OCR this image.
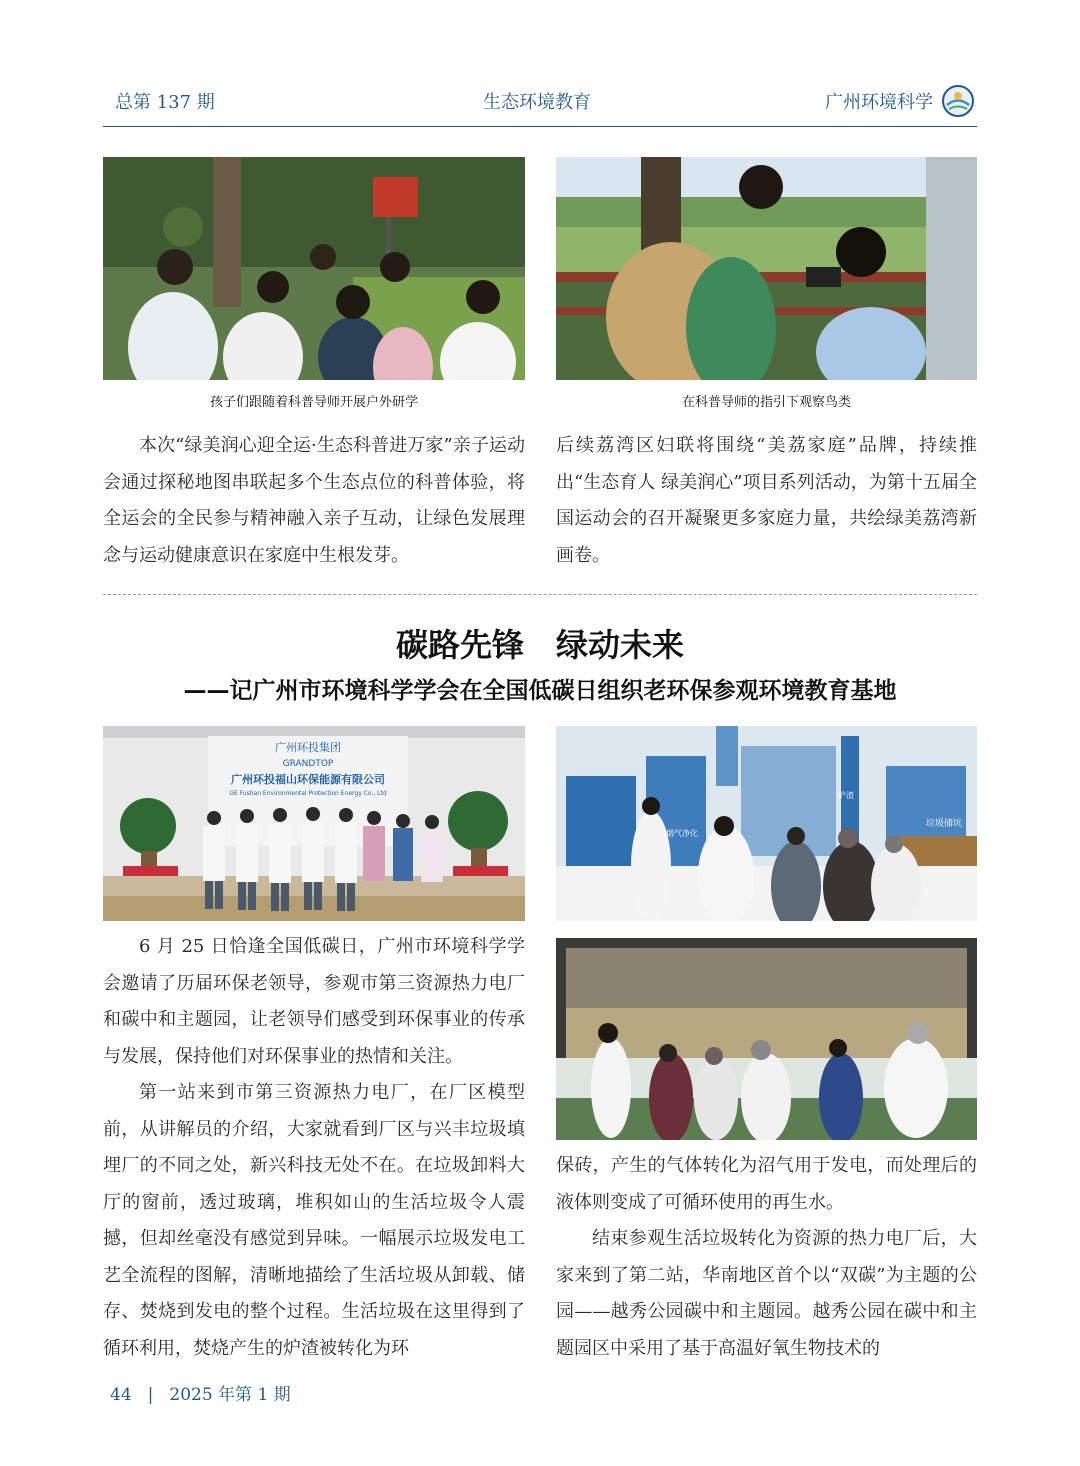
总第 137 期	生态环境教育	广州环境科学
孩子们跟随着科普导师开展户外研学	在科普导师的指引下观察鸟类

本次“绿美润心迎全运·生态科普进万家”亲子运动会通过探秘地图串联起多个生态点位的科普体验，将全运会的全民参与精神融入亲子互动，让绿色发展理念与运动健康意识在家庭中生根发芽。

后续荔湾区妇联将围绕“美荔家庭”品牌，持续推出“生态育人 绿美润心”项目系列活动，为第十五届全国运动会的召开凝聚更多家庭力量，共绘绿美荔湾新画卷。

碳路先锋　绿动未来
——记广州市环境科学学会在全国低碳日组织老环保参观环境教育基地
广州环投集团
GRANDTOP
广州环投福山环保能源有限公司
GE Fushan Environmental Protection Energy Co., Ltd
烟气净化
垃圾储坑
炉渣

6 月 25 日恰逢全国低碳日，广州市环境科学学会邀请了历届环保老领导，参观市第三资源热力电厂和碳中和主题园，让老领导们感受到环保事业的传承与发展，保持他们对环保事业的热情和关注。

第一站来到市第三资源热力电厂，在厂区模型前，从讲解员的介绍，大家就看到厂区与兴丰垃圾填埋厂的不同之处，新兴科技无处不在。在垃圾卸料大厅的窗前，透过玻璃，堆积如山的生活垃圾令人震撼，但却丝毫没有感觉到异味。一幅展示垃圾发电工艺全流程的图解，清晰地描绘了生活垃圾从卸载、储存、焚烧到发电的整个过程。生活垃圾在这里得到了循环利用，焚烧产生的炉渣被转化为环

保砖，产生的气体转化为沼气用于发电，而处理后的液体则变成了可循环使用的再生水。

结束参观生活垃圾转化为资源的热力电厂后，大家来到了第二站，华南地区首个以“双碳”为主题的公园——越秀公园碳中和主题园。越秀公园在碳中和主题园区中采用了基于高温好氧生物技术的

44 | 2025 年第 1 期
